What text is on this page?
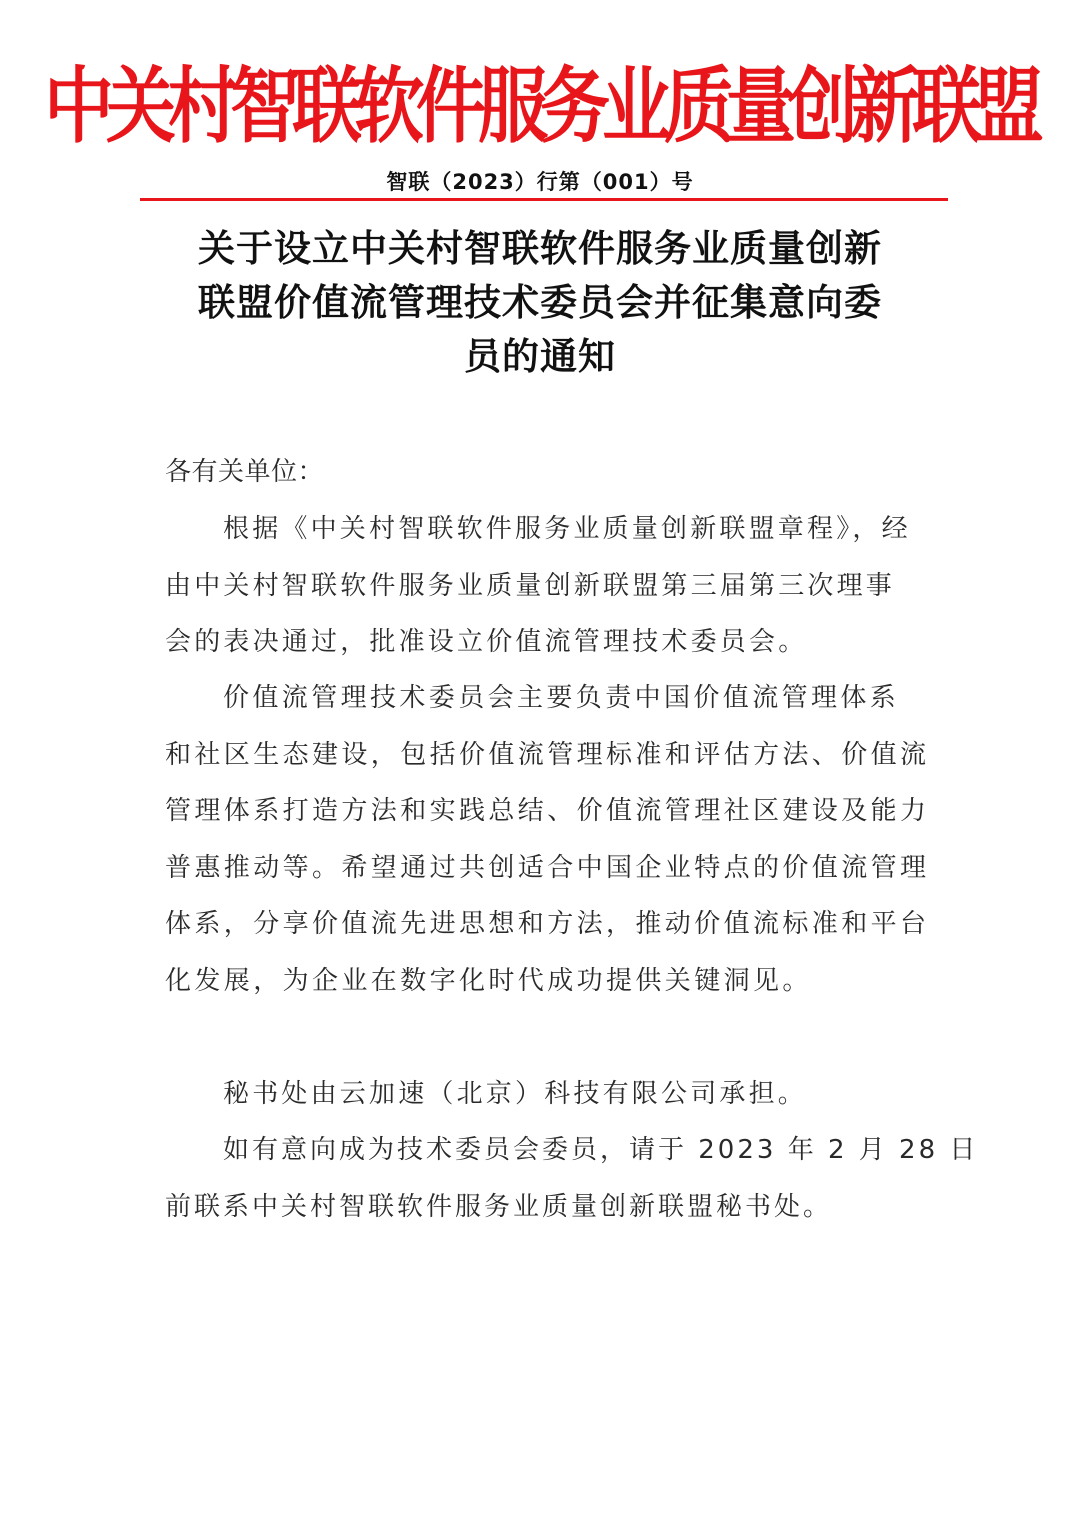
中关村智联软件服务业质量创新联盟
智联（2023）行第（001）号
关于设立中关村智联软件服务业质量创新
联盟价值流管理技术委员会并征集意向委
员的通知
各有关单位：
根据《中关村智联软件服务业质量创新联盟章程》，经
由中关村智联软件服务业质量创新联盟第三届第三次理事
会的表决通过，批准设立价值流管理技术委员会。
价值流管理技术委员会主要负责中国价值流管理体系
和社区生态建设，包括价值流管理标准和评估方法、价值流
管理体系打造方法和实践总结、价值流管理社区建设及能力
普惠推动等。希望通过共创适合中国企业特点的价值流管理
体系，分享价值流先进思想和方法，推动价值流标准和平台
化发展，为企业在数字化时代成功提供关键洞见。
秘书处由云加速（北京）科技有限公司承担。
如有意向成为技术委员会委员，请于 2023 年 2 月 28 日
前联系中关村智联软件服务业质量创新联盟秘书处。
